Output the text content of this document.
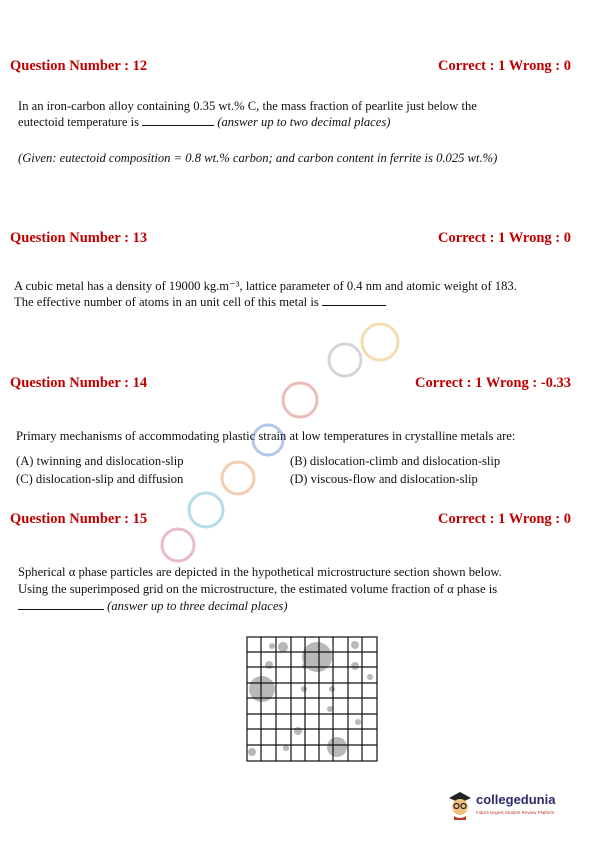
Question Number : 12	Correct : 1 Wrong : 0
In an iron-carbon alloy containing 0.35 wt.% C, the mass fraction of pearlite just below the
eutectoid temperature is	(answer up to two decimal places)
(Given: eutectoid composition = 0.8 wt.% carbon; and carbon content in ferrite is 0.025 wt.%)
Question Number : 13	Correct : 1 Wrong : 0
A cubic metal has a density of 19000 kg.m⁻³, lattice parameter of 0.4 nm and atomic weight of 183.
The effective number of atoms in an unit cell of this metal is
Question Number : 14	Correct : 1 Wrong : -0.33
Primary mechanisms of accommodating plastic strain at low temperatures in crystalline metals are:
(A) twinning and dislocation-slip	(B) dislocation-climb and dislocation-slip
(C) dislocation-slip and diffusion	(D) viscous-flow and dislocation-slip
Question Number : 15	Correct : 1 Wrong : 0
Spherical α phase particles are depicted in the hypothetical microstructure section shown below.
Using the superimposed grid on the microstructure, the estimated volume fraction of α phase is
(answer up to three decimal places)
collegedunia
India's largest Student Review Platform
